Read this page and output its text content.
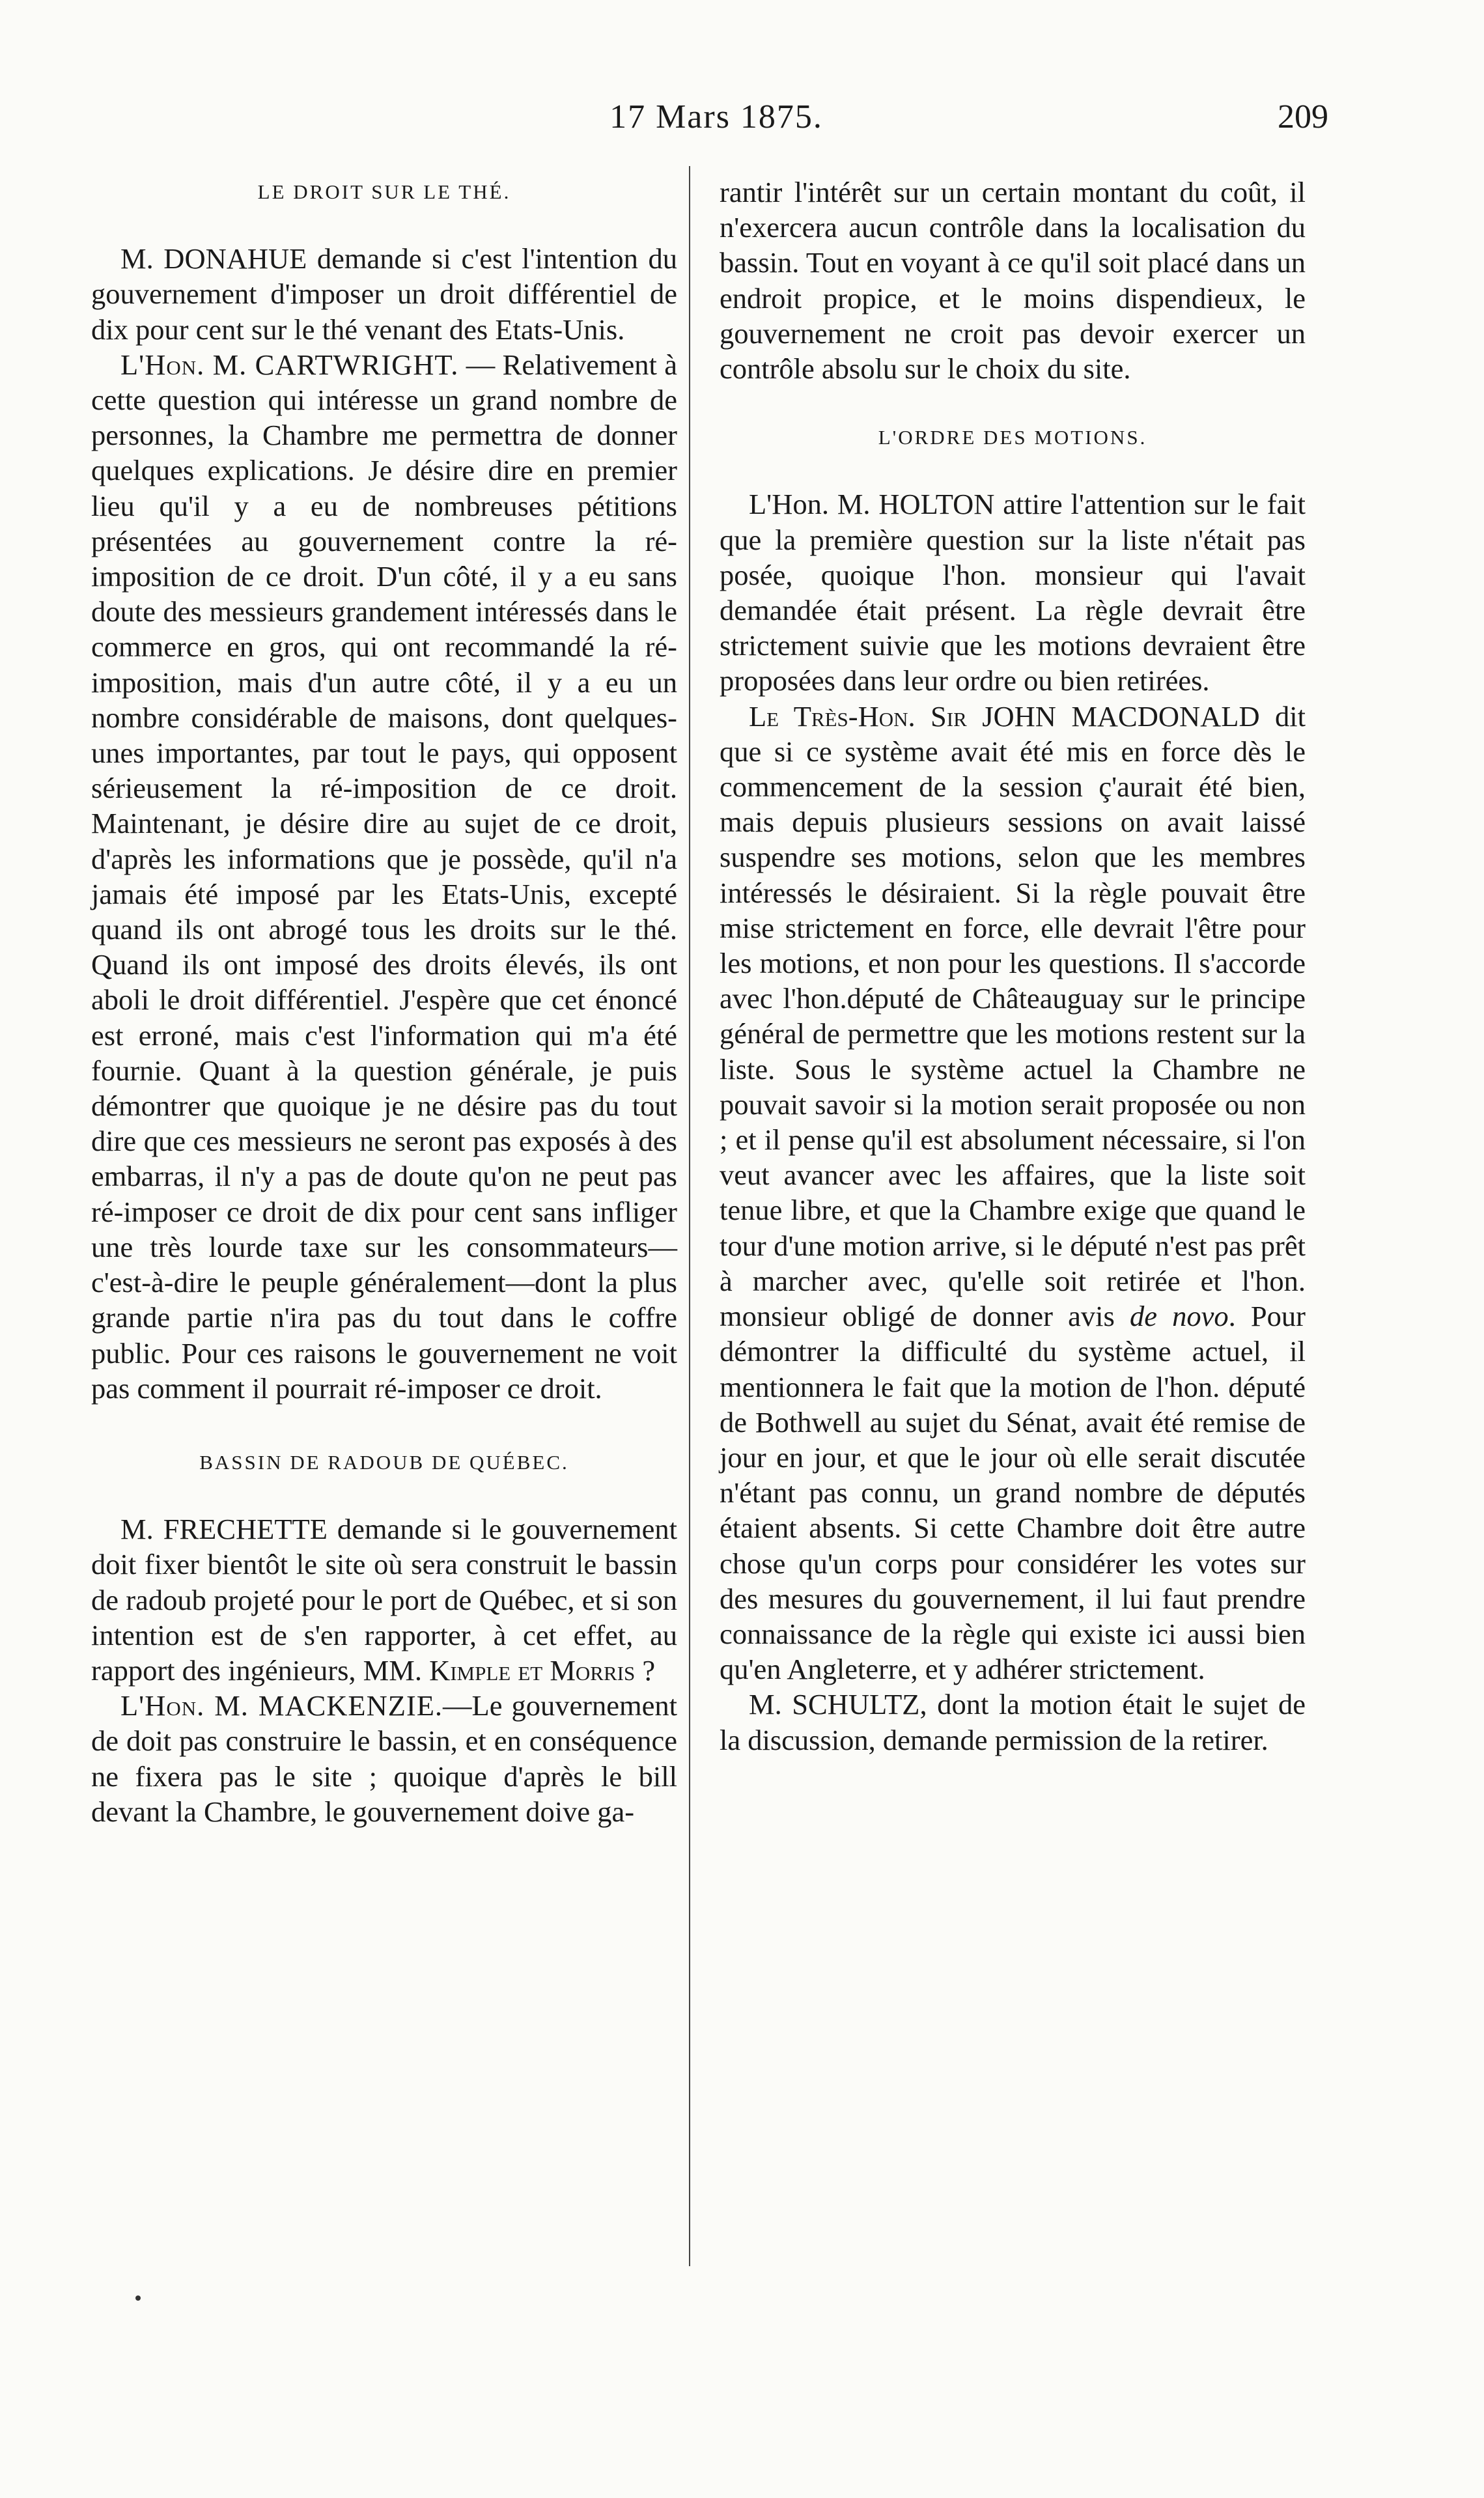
17 Mars 1875.	209
LE DROIT SUR LE THÉ.

M. DONAHUE demande si c'est l'intention du gouvernement d'imposer un droit différentiel de dix pour cent sur le thé venant des Etats-Unis.

L'Hon. M. CARTWRIGHT. — Relativement à cette question qui intéresse un grand nombre de personnes, la Chambre me permettra de donner quelques explications. Je désire dire en premier lieu qu'il y a eu de nombreuses pétitions présentées au gouvernement contre la ré-imposition de ce droit. D'un côté, il y a eu sans doute des messieurs grandement intéressés dans le commerce en gros, qui ont recommandé la ré-imposition, mais d'un autre côté, il y a eu un nombre considérable de maisons, dont quelques-unes importantes, par tout le pays, qui opposent sérieusement la ré-imposition de ce droit. Maintenant, je désire dire au sujet de ce droit, d'après les informations que je possède, qu'il n'a jamais été imposé par les Etats-Unis, excepté quand ils ont abrogé tous les droits sur le thé. Quand ils ont imposé des droits élevés, ils ont aboli le droit différentiel. J'espère que cet énoncé est erroné, mais c'est l'information qui m'a été fournie. Quant à la question générale, je puis démontrer que quoique je ne désire pas du tout dire que ces messieurs ne seront pas exposés à des embarras, il n'y a pas de doute qu'on ne peut pas ré-imposer ce droit de dix pour cent sans infliger une très lourde taxe sur les consommateurs—c'est-à-dire le peuple généralement—dont la plus grande partie n'ira pas du tout dans le coffre public. Pour ces raisons le gouvernement ne voit pas comment il pourrait ré-imposer ce droit.

BASSIN DE RADOUB DE QUÉBEC.

M. FRECHETTE demande si le gouvernement doit fixer bientôt le site où sera construit le bassin de radoub projeté pour le port de Québec, et si son intention est de s'en rapporter, à cet effet, au rapport des ingénieurs, MM. Kimple et Morris ?

L'Hon. M. MACKENZIE.—Le gouvernement de doit pas construire le bassin, et en conséquence ne fixera pas le site ; quoique d'après le bill devant la Chambre, le gouvernement doive ga-

rantir l'intérêt sur un certain montant du coût, il n'exercera aucun contrôle dans la localisation du bassin. Tout en voyant à ce qu'il soit placé dans un endroit propice, et le moins dispendieux, le gouvernement ne croit pas devoir exercer un contrôle absolu sur le choix du site.

L'ORDRE DES MOTIONS.

L'Hon. M. HOLTON attire l'attention sur le fait que la première question sur la liste n'était pas posée, quoique l'hon. monsieur qui l'avait demandée était présent. La règle devrait être strictement suivie que les motions devraient être proposées dans leur ordre ou bien retirées.

Le Très-Hon. Sir JOHN MACDONALD dit que si ce système avait été mis en force dès le commencement de la session ç'aurait été bien, mais depuis plusieurs sessions on avait laissé suspendre ses motions, selon que les membres intéressés le désiraient. Si la règle pouvait être mise strictement en force, elle devrait l'être pour les motions, et non pour les questions. Il s'accorde avec l'hon.député de Châteauguay sur le principe général de permettre que les motions restent sur la liste. Sous le système actuel la Chambre ne pouvait savoir si la motion serait proposée ou non ; et il pense qu'il est absolument nécessaire, si l'on veut avancer avec les affaires, que la liste soit tenue libre, et que la Chambre exige que quand le tour d'une motion arrive, si le député n'est pas prêt à marcher avec, qu'elle soit retirée et l'hon. monsieur obligé de donner avis de novo. Pour démontrer la difficulté du système actuel, il mentionnera le fait que la motion de l'hon. député de Bothwell au sujet du Sénat, avait été remise de jour en jour, et que le jour où elle serait discutée n'étant pas connu, un grand nombre de députés étaient absents. Si cette Chambre doit être autre chose qu'un corps pour considérer les votes sur des mesures du gouvernement, il lui faut prendre connaissance de la règle qui existe ici aussi bien qu'en Angleterre, et y adhérer strictement.

M. SCHULTZ, dont la motion était le sujet de la discussion, demande permission de la retirer.
